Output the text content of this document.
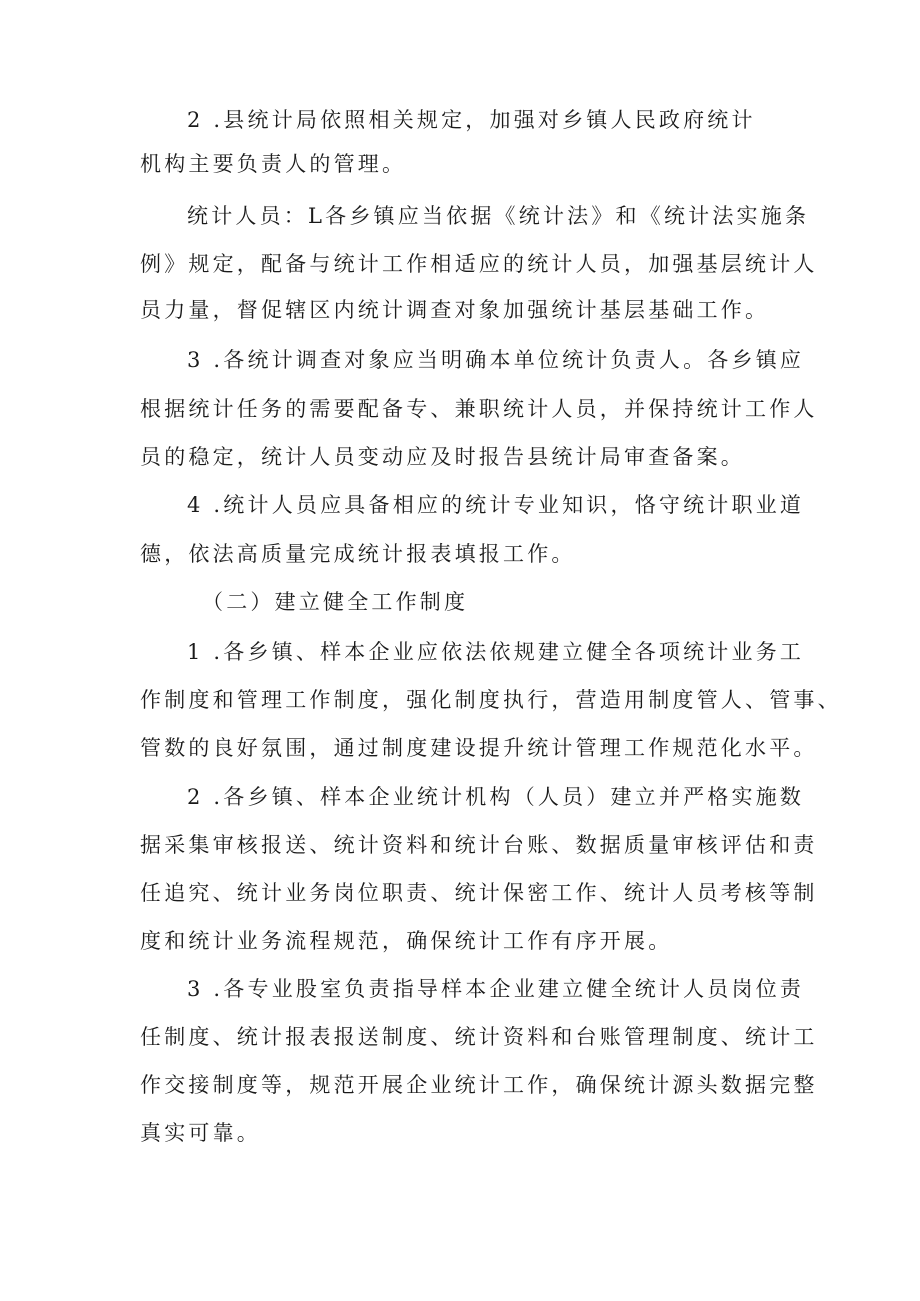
2 .县统计局依照相关规定，加强对乡镇人民政府统计
机构主要负责人的管理。
统计人员：L各乡镇应当依据《统计法》和《统计法实施条
例》规定，配备与统计工作相适应的统计人员，加强基层统计人
员力量，督促辖区内统计调查对象加强统计基层基础工作。
3 .各统计调查对象应当明确本单位统计负责人。各乡镇应
根据统计任务的需要配备专、兼职统计人员，并保持统计工作人
员的稳定，统计人员变动应及时报告县统计局审查备案。
4 .统计人员应具备相应的统计专业知识，恪守统计职业道
德，依法高质量完成统计报表填报工作。
（二）建立健全工作制度
1 .各乡镇、样本企业应依法依规建立健全各项统计业务工
作制度和管理工作制度，强化制度执行，营造用制度管人、管事、
管数的良好氛围，通过制度建设提升统计管理工作规范化水平。
2 .各乡镇、样本企业统计机构（人员）建立并严格实施数
据采集审核报送、统计资料和统计台账、数据质量审核评估和责
任追究、统计业务岗位职责、统计保密工作、统计人员考核等制
度和统计业务流程规范，确保统计工作有序开展。
3 .各专业股室负责指导样本企业建立健全统计人员岗位责
任制度、统计报表报送制度、统计资料和台账管理制度、统计工
作交接制度等，规范开展企业统计工作，确保统计源头数据完整
真实可靠。
